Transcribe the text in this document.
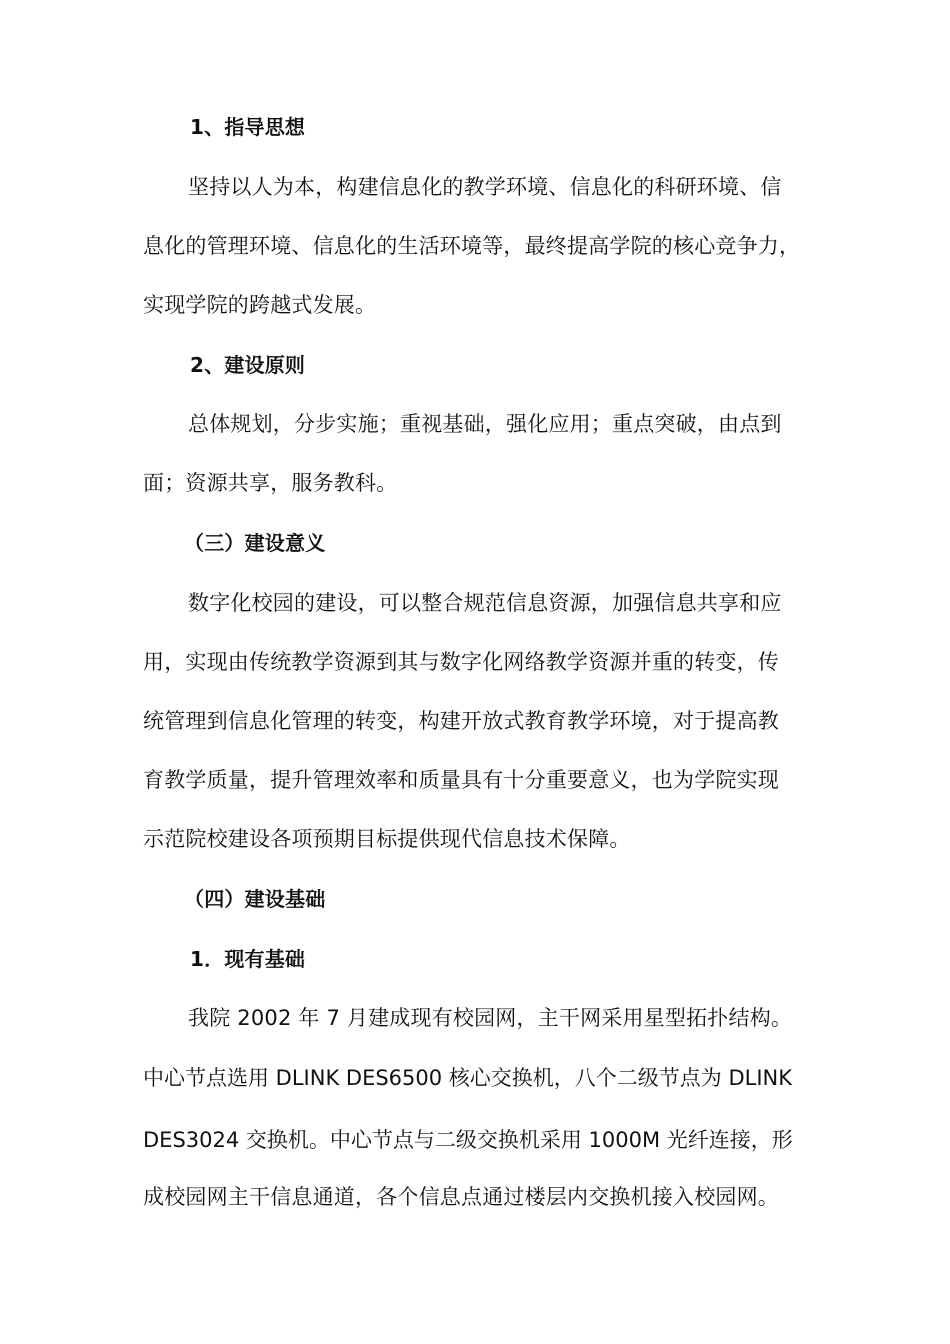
1、指导思想
坚持以人为本，构建信息化的教学环境、信息化的科研环境、信
息化的管理环境、信息化的生活环境等，最终提高学院的核心竞争力，
实现学院的跨越式发展。
2、建设原则
总体规划，分步实施；重视基础，强化应用；重点突破，由点到
面；资源共享，服务教科。
（三）建设意义
数字化校园的建设，可以整合规范信息资源，加强信息共享和应
用，实现由传统教学资源到其与数字化网络教学资源并重的转变，传
统管理到信息化管理的转变，构建开放式教育教学环境，对于提高教
育教学质量，提升管理效率和质量具有十分重要意义，也为学院实现
示范院校建设各项预期目标提供现代信息技术保障。
（四）建设基础
1．现有基础
我院 2002 年 7 月建成现有校园网，主干网采用星型拓扑结构。
中心节点选用 DLINK DES6500 核心交换机，八个二级节点为 DLINK
DES3024 交换机。中心节点与二级交换机采用 1000M 光纤连接，形
成校园网主干信息通道，各个信息点通过楼层内交换机接入校园网。
